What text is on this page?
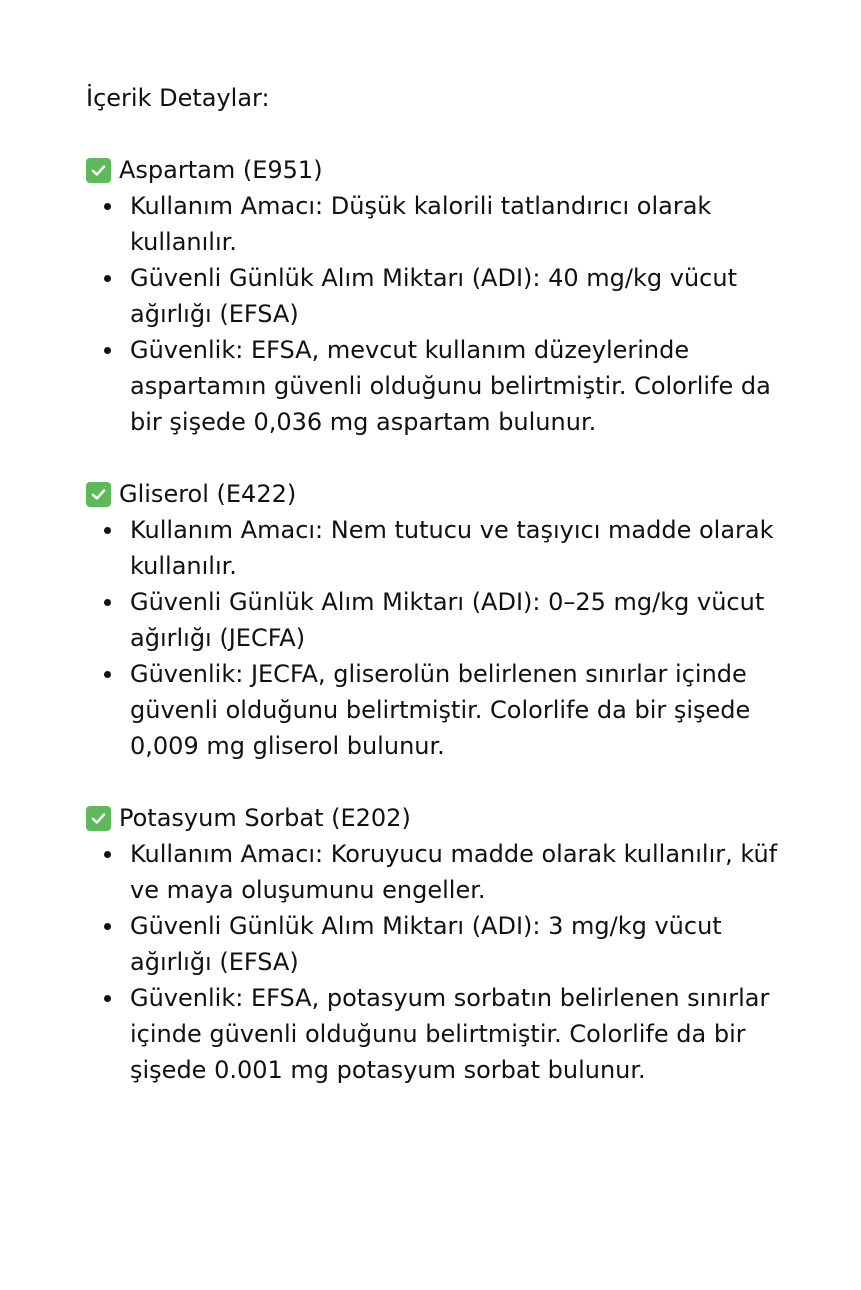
İçerik Detaylar:
Aspartam (E951)
Kullanım Amacı: Düşük kalorili tatlandırıcı olarak kullanılır.
Güvenli Günlük Alım Miktarı (ADI): 40 mg/kg vücut ağırlığı (EFSA)
Güvenlik: EFSA, mevcut kullanım düzeylerinde aspartamın güvenli olduğunu belirtmiştir. Colorlife da bir şişede 0,036 mg aspartam bulunur.
Gliserol (E422)
Kullanım Amacı: Nem tutucu ve taşıyıcı madde olarak kullanılır.
Güvenli Günlük Alım Miktarı (ADI): 0–25 mg/kg vücut ağırlığı (JECFA)
Güvenlik: JECFA, gliserolün belirlenen sınırlar içinde güvenli olduğunu belirtmiştir. Colorlife da bir şişede 0,009 mg gliserol bulunur.
Potasyum Sorbat (E202)
Kullanım Amacı: Koruyucu madde olarak kullanılır, küf ve maya oluşumunu engeller.
Güvenli Günlük Alım Miktarı (ADI): 3 mg/kg vücut ağırlığı (EFSA)
Güvenlik: EFSA, potasyum sorbatın belirlenen sınırlar içinde güvenli olduğunu belirtmiştir. Colorlife da bir şişede 0.001 mg potasyum sorbat bulunur.
